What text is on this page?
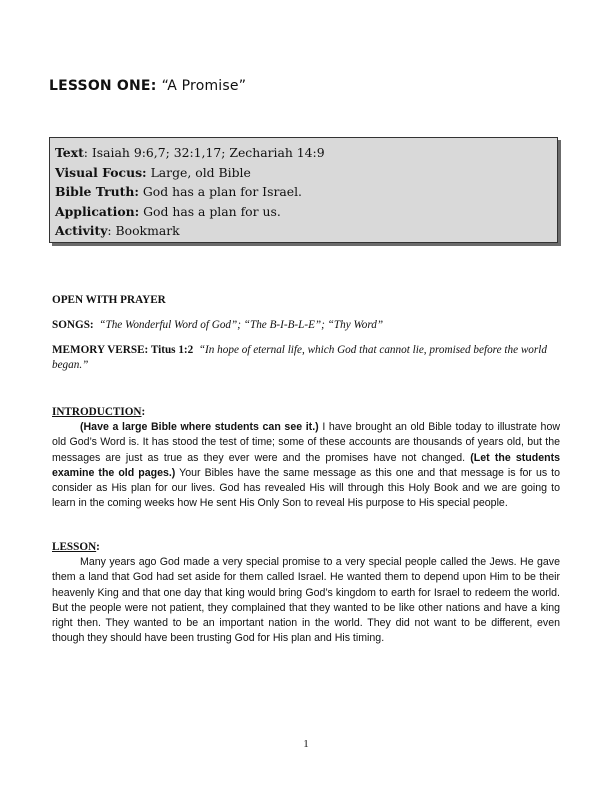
LESSON ONE: “A Promise”
Text: Isaiah 9:6,7; 32:1,17; Zechariah 14:9
Visual Focus: Large, old Bible
Bible Truth: God has a plan for Israel.
Application: God has a plan for us.
Activity: Bookmark
OPEN WITH PRAYER
SONGS: “The Wonderful Word of God”; “The B-I-B-L-E”; “Thy Word”
MEMORY VERSE: Titus 1:2 “In hope of eternal life, which God that cannot lie, promised before the world began.”
INTRODUCTION:

(Have a large Bible where students can see it.) I have brought an old Bible today to illustrate how old God’s Word is. It has stood the test of time; some of these accounts are thousands of years old, but the messages are just as true as they ever were and the promises have not changed. (Let the students examine the old pages.) Your Bibles have the same message as this one and that message is for us to consider as His plan for our lives. God has revealed His will through this Holy Book and we are going to learn in the coming weeks how He sent His Only Son to reveal His purpose to His special people.

LESSON:

Many years ago God made a very special promise to a very special people called the Jews. He gave them a land that God had set aside for them called Israel. He wanted them to depend upon Him to be their heavenly King and that one day that king would bring God’s kingdom to earth for Israel to redeem the world. But the people were not patient, they complained that they wanted to be like other nations and have a king right then. They wanted to be an important nation in the world. They did not want to be different, even though they should have been trusting God for His plan and His timing.

1
